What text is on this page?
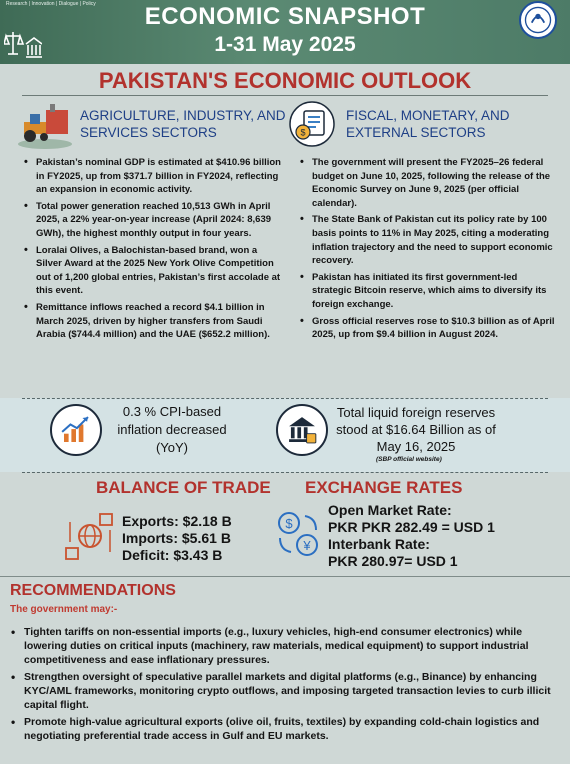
Research | Innovation | Dialogue | Policy	ECONOMIC SNAPSHOT
1-31 May 2025
PAKISTAN'S ECONOMIC OUTLOOK
AGRICULTURE, INDUSTRY, AND
SERVICES SECTORS
• Pakistan’s nominal GDP is estimated at $410.96 billion in FY2025, up from $371.7 billion in FY2024, reflecting an expansion in economic activity.
• Total power generation reached 10,513 GWh in April 2025, a 22% year-on-year increase (April 2024: 8,639 GWh), the highest monthly output in four years.
• Loralai Olives, a Balochistan-based brand, won a Silver Award at the 2025 New York Olive Competition out of 1,200 global entries, Pakistan’s first accolade at this event.
• Remittance inflows reached a record $4.1 billion in March 2025, driven by higher transfers from Saudi Arabia ($744.4 million) and the UAE ($652.2 million).
$
FISCAL, MONETARY, AND
EXTERNAL SECTORS
• The government will present the FY2025–26 federal budget on June 10, 2025, following the release of the Economic Survey on June 9, 2025 (per official calendar).
• The State Bank of Pakistan cut its policy rate by 100 basis points to 11% in May 2025, citing a moderating inflation trajectory and the need to support economic recovery.
• Pakistan has initiated its first government-led strategic Bitcoin reserve, which aims to diversify its foreign exchange.
• Gross official reserves rose to $10.3 billion as of April 2025, up from $9.4 billion in August 2024.
0.3 % CPI-based
inflation decreased
(YoY)
Total liquid foreign reserves
stood at $16.64 Billion as of
May 16, 2025
(SBP official website)
BALANCE OF TRADE EXCHANGE RATES
Exports: $2.18 B
Imports: $5.61 B
Deficit: $3.43 B
$
¥
Open Market Rate:
PKR PKR 282.49 = USD 1
Interbank Rate:
PKR 280.97= USD 1
RECOMMENDATIONS
The government may:-
• Tighten tariffs on non-essential imports (e.g., luxury vehicles, high-end consumer electronics) while lowering duties on critical inputs (machinery, raw materials, medical equipment) to support industrial competitiveness and ease inflationary pressures.
• Strengthen oversight of speculative parallel markets and digital platforms (e.g., Binance) by enhancing KYC/AML frameworks, monitoring crypto outflows, and imposing targeted transaction levies to curb illicit capital flight.
• Promote high-value agricultural exports (olive oil, fruits, textiles) by expanding cold-chain logistics and negotiating preferential trade access in Gulf and EU markets.
